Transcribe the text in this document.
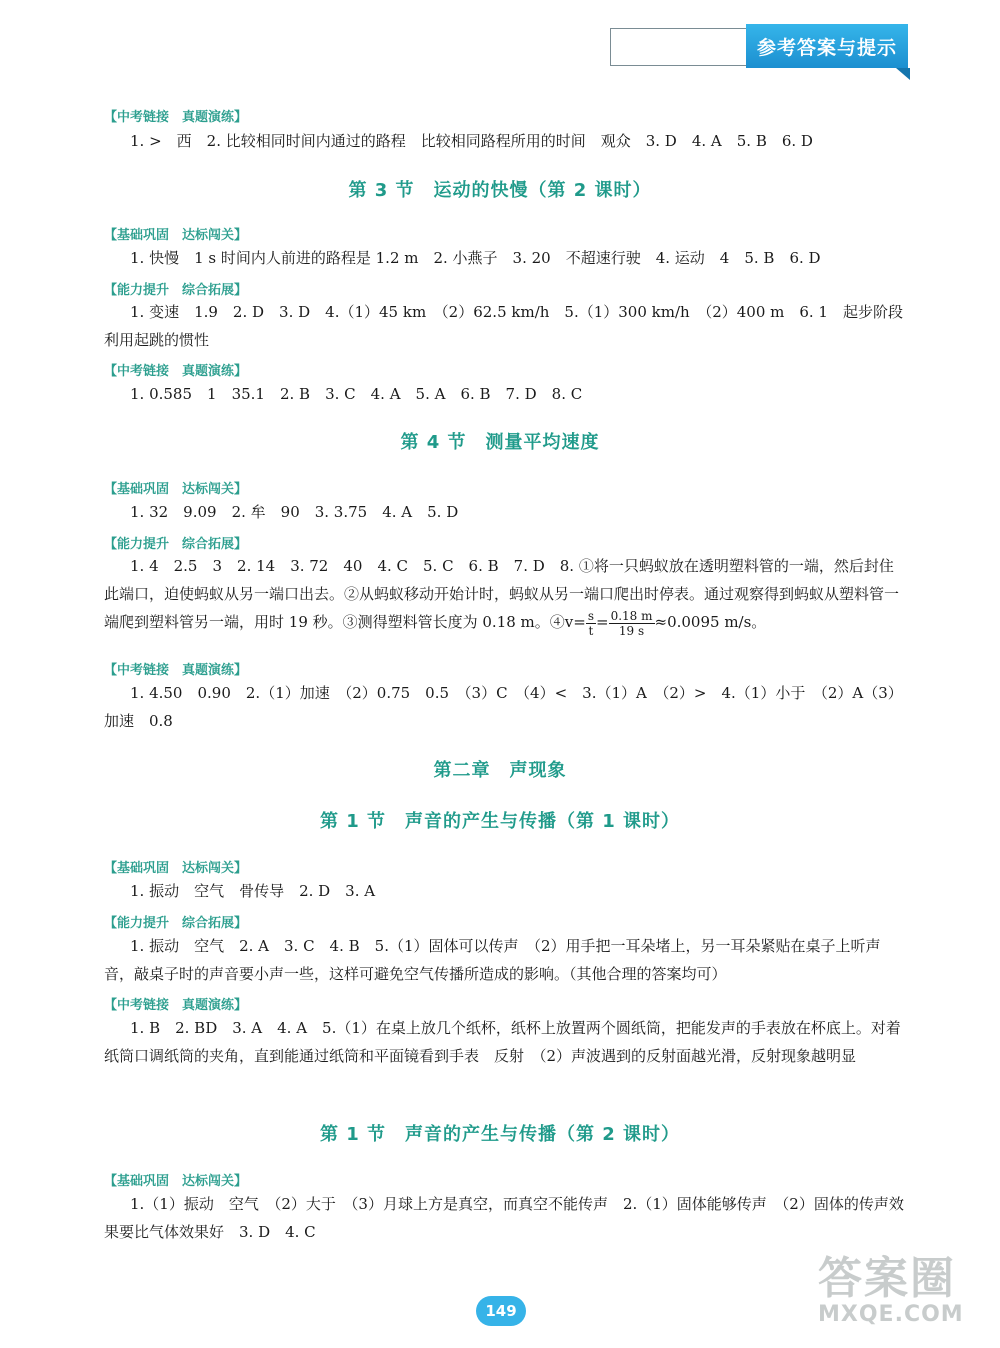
参考答案与提示
【中考链接　真题演练】
1. >　西　2. 比较相同时间内通过的路程　比较相同路程所用的时间　观众　3. D　4. A　5. B　6. D
第 3 节　运动的快慢（第 2 课时）
【基础巩固　达标闯关】
1. 快慢　1 s 时间内人前进的路程是 1.2 m　2. 小燕子　3. 20　不超速行驶　4. 运动　4　5. B　6. D
【能力提升　综合拓展】
1. 变速　1.9　2. D　3. D　4.（1）45 km　（2）62.5 km/h　5.（1）300 km/h　（2）400 m　6. 1　起步阶段利用起跳的惯性
【中考链接　真题演练】
1. 0.585　1　35.1　2. B　3. C　4. A　5. A　6. B　7. D　8. C
第 4 节　测量平均速度
【基础巩固　达标闯关】
1. 32　9.09　2. 牟　90　3. 3.75　4. A　5. D
【能力提升　综合拓展】
1. 4　2.5　3　2. 14　3. 72　40　4. C　5. C　6. B　7. D　8. ①将一只蚂蚁放在透明塑料管的一端，然后封住此端口，迫使蚂蚁从另一端口出去。②从蚂蚁移动开始计时，蚂蚁从另一端口爬出时停表。通过观察得到蚂蚁从塑料管一端爬到塑料管另一端，用时 19 秒。③测得塑料管长度为 0.18 m。④v= $\frac{s}{t} = \frac{0.18 m}{19 s} \approx 0.0095$ m/s。
【中考链接　真题演练】
1. 4.50　0.90　2.（1）加速　（2）0.75　0.5　（3）C　（4）<　3.（1）A　（2）>　4.（1）小于　（2）A（3）加速　0.8
第二章　声现象
第 1 节　声音的产生与传播（第 1 课时）
【基础巩固　达标闯关】
1. 振动　空气　骨传导　2. D　3. A
【能力提升　综合拓展】
1. 振动　空气　2. A　3. C　4. B　5.（1）固体可以传声　（2）用手把一耳朵堵上，另一耳朵紧贴在桌子上听声音，敲桌子时的声音要小声一些，这样可避免空气传播所造成的影响。（其他合理的答案均可）
【中考链接　真题演练】
1. B　2. BD　3. A　4. A　5.（1）在桌上放几个纸杯，纸杯上放置两个圆纸筒，把能发声的手表放在杯底上。对着纸筒口调纸筒的夹角，直到能通过纸筒和平面镜看到手表　反射　（2）声波遇到的反射面越光滑，反射现象越明显
第 1 节　声音的产生与传播（第 2 课时）
【基础巩固　达标闯关】
1.（1）振动　空气　（2）大于　（3）月球上方是真空，而真空不能传声　2.（1）固体能够传声　（2）固体的传声效果要比气体效果好　3. D　4. C
149
答案圈
MXQE.COM
